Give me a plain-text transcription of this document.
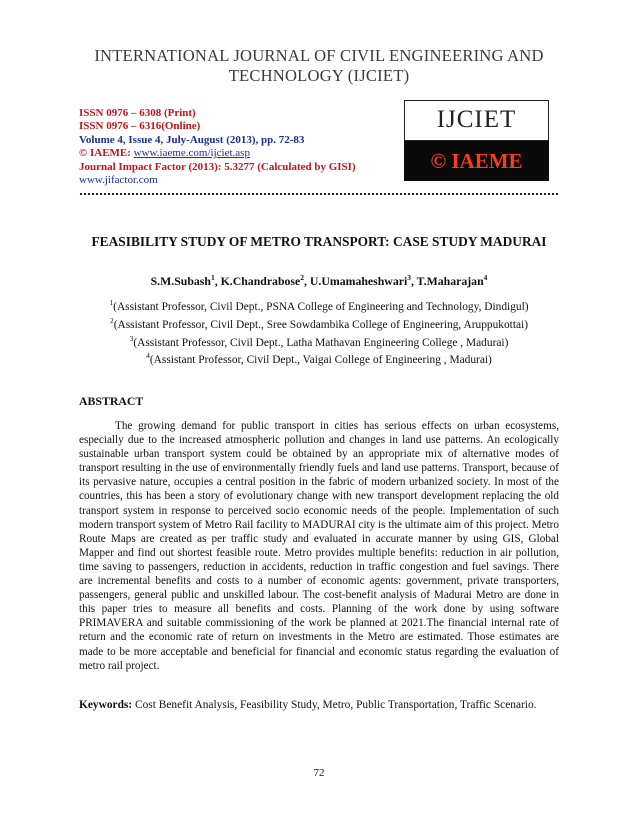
INTERNATIONAL JOURNAL OF CIVIL ENGINEERING AND
TECHNOLOGY (IJCIET)
ISSN 0976 – 6308 (Print)
ISSN 0976 – 6316(Online)
Volume 4, Issue 4, July-August (2013), pp. 72-83
© IAEME: www.iaeme.com/ijciet.asp
Journal Impact Factor (2013): 5.3277 (Calculated by GISI)
www.jifactor.com
IJCIET
© IAEME
FEASIBILITY STUDY OF METRO TRANSPORT: CASE STUDY MADURAI
S.M.Subash$^1$, K.Chandrabose$^2$, U.Umamaheshwari$^3$, T.Maharajan$^4$
$^1$(Assistant Professor, Civil Dept., PSNA College of Engineering and Technology, Dindigul)
$^2$(Assistant Professor, Civil Dept., Sree Sowdambika College of Engineering, Aruppukottai)
$^3$(Assistant Professor, Civil Dept., Latha Mathavan Engineering College , Madurai)
$^4$(Assistant Professor, Civil Dept., Vaigai College of Engineering , Madurai)
ABSTRACT
The growing demand for public transport in cities has serious effects on urban ecosystems, especially due to the increased atmospheric pollution and changes in land use patterns. An ecologically sustainable urban transport system could be obtained by an appropriate mix of alternative modes of transport resulting in the use of environmentally friendly fuels and land use patterns. Transport, because of its pervasive nature, occupies a central position in the fabric of modern urbanized society. In most of the countries, this has been a story of evolutionary change with new transport development replacing the old transport system in response to perceived socio economic needs of the people. Implementation of such modern transport system of Metro Rail facility to MADURAI city is the ultimate aim of this project. Metro Route Maps are created as per traffic study and evaluated in accurate manner by using GIS, Global Mapper and find out shortest feasible route. Metro provides multiple benefits: reduction in air pollution, time saving to passengers, reduction in accidents, reduction in traffic congestion and fuel savings. There are incremental benefits and costs to a number of economic agents: government, private transporters, passengers, general public and unskilled labour. The cost-benefit analysis of Madurai Metro are done in this paper tries to measure all benefits and costs. Planning of the work done by using software PRIMAVERA and suitable commissioning of the work be planned at 2021.The financial internal rate of return and the economic rate of return on investments in the Metro are estimated. Those estimates are made to be more acceptable and beneficial for financial and economic status regarding the evaluation of metro rail project.
Keywords: Cost Benefit Analysis, Feasibility Study, Metro, Public Transportation, Traffic Scenario.
72
